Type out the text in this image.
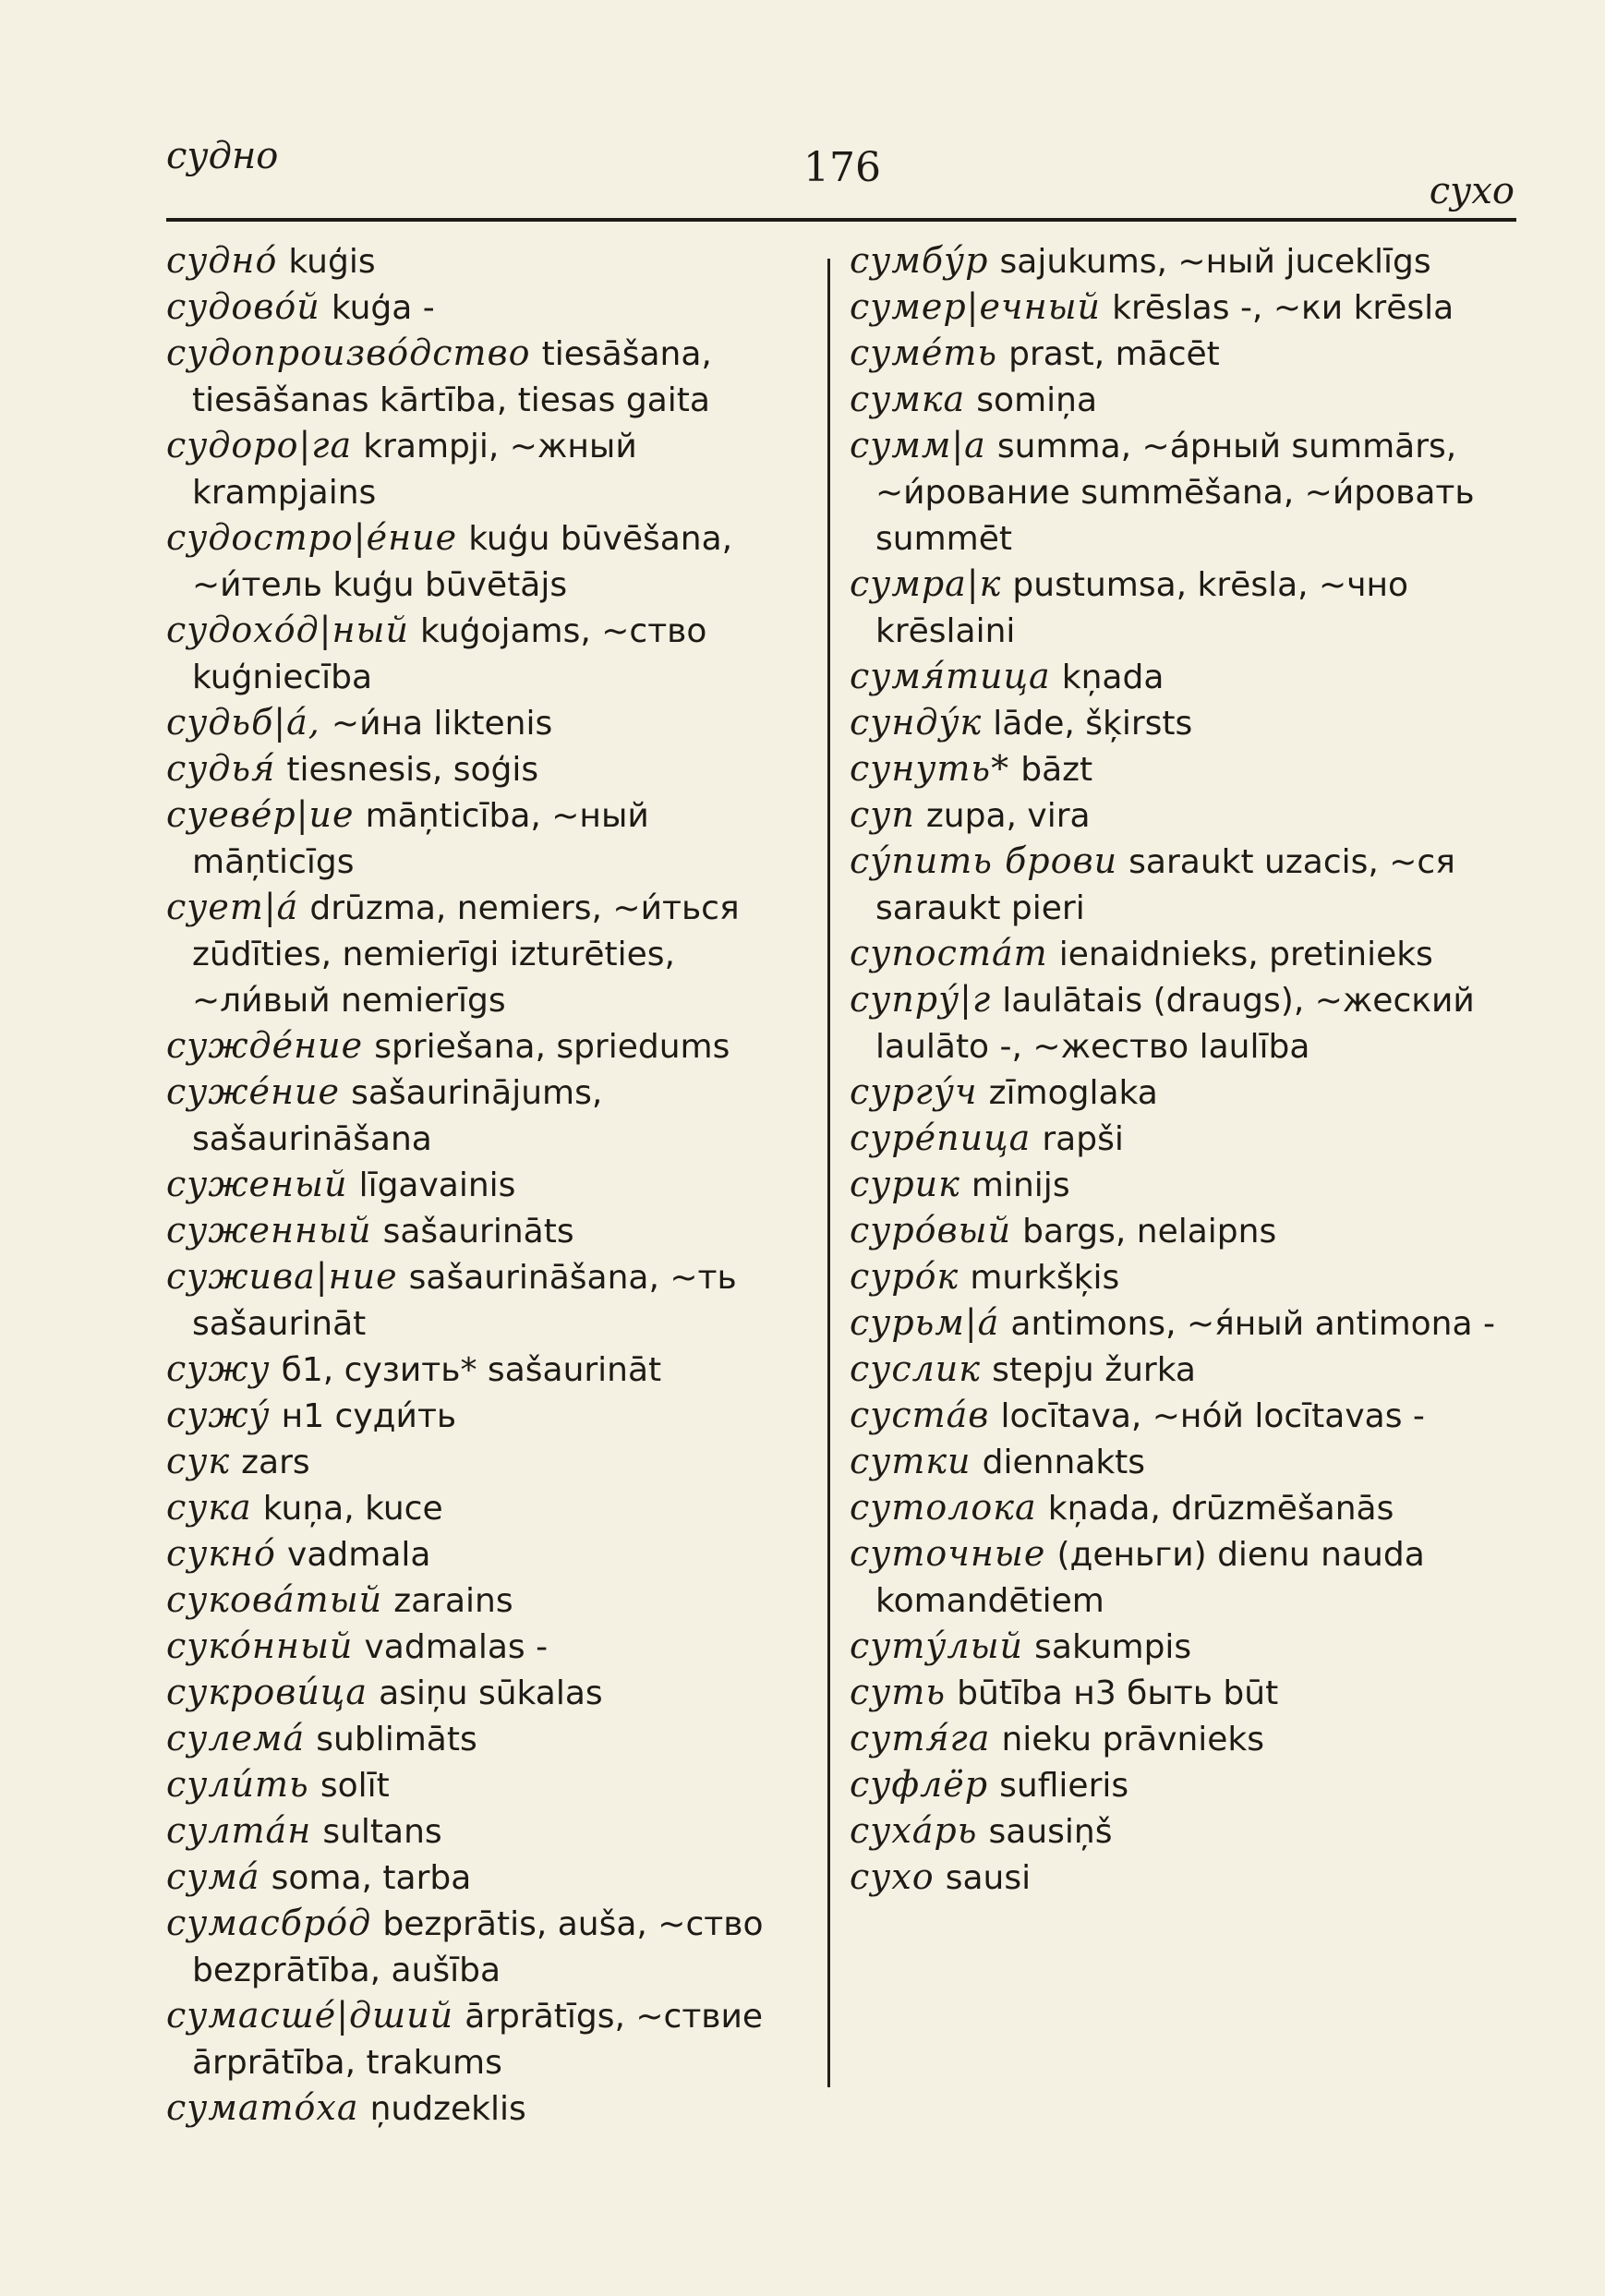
судно	176	сухо

судно́ kuģis

судово́й kuģa -

судопроизво́дство tiesāšana, tiesāšanas kārtība, tiesas gaita

судоро|га krampji, ~жный krampjains

судостро|е́ние kuģu būvēšana, ~и́тель kuģu būvētājs

судохо́д|ный kuģojams, ~ство kuģniecība

судьб|а́, ~и́на liktenis

судья́ tiesnesis, soģis

суеве́р|ие māņticība, ~ный māņticīgs

сует|а́ drūzma, nemiers, ~и́ться zūdīties, nemierīgi izturēties, ~ли́вый nemierīgs

сужде́ние spriešana, spriedums

суже́ние sašaurinājums, sašaurināšana

суженый līgavainis

суженный sašaurināts

сужива|ние sašaurināšana, ~ть sašaurināt

сужу б1, сузить* sašaurināt

сужу́ н1 суди́ть

сук zars

сука kuņa, kuce

сукно́ vadmala

сукова́тый zarains

суко́нный vadmalas -

сукрови́ца asiņu sūkalas

сулема́ sublimāts

сули́ть solīt

султа́н sultans

сума́ soma, tarba

сумасбро́д bezprātis, auša, ~ство bezprātība, aušība

сумасше́|дший ārprātīgs, ~ствие ārprātība, trakums

сумато́ха ņudzeklis

сумбу́р sajukums, ~ный juceklīgs

сумер|ечный krēslas -, ~ки krēsla

суме́ть prast, mācēt

сумка somiņa

сумм|а summa, ~а́рный summārs, ~и́рование summēšana, ~и́ровать summēt

сумра|к pustumsa, krēsla, ~чно krēslaini

сумя́тица kņada

сунду́к lāde, šķirsts

сунуть* bāzt

суп zupa, vira

су́пить брови saraukt uzacis, ~ся saraukt pieri

супоста́т ienaidnieks, pretinieks

супру́|г laulātais (draugs), ~жеский laulāto -, ~жество laulība

сургу́ч zīmoglaka

суре́пица rapši

сурик minijs

суро́вый bargs, nelaipns

суро́к murkšķis

сурьм|а́ antimons, ~я́ный antimona -

суслик stepju žurka

суста́в locītava, ~но́й locītavas -

сутки diennakts

сутолока kņada, drūzmēšanās

суточные (деньги) dienu nauda komandētiem

суту́лый sakumpis

суть būtība н3 быть būt

сутя́га nieku prāvnieks

суфлёр suflieris

суха́рь sausiņš

сухо sausi
